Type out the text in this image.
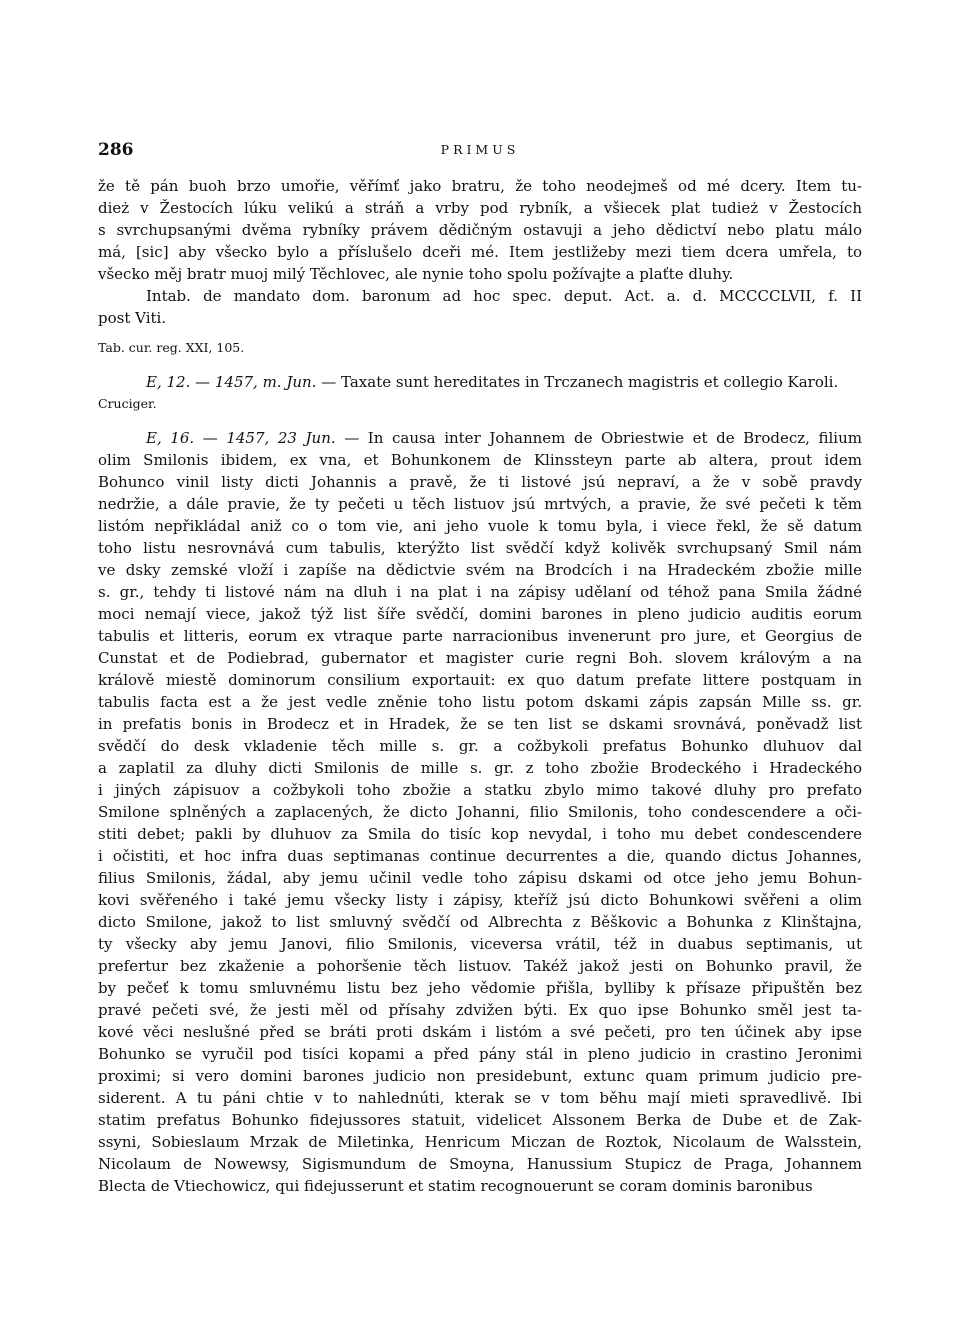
286	PRIMUS
že tě pán buoh brzo umořie, věřímť jako bratru, že toho neodejmeš od mé dcery. Item tu-
dież v Žestocích lúku velikú a stráň a vrby pod rybník, a všiecek plat tudież v Žestocích
s svrchupsanými dvěma rybníky právem dědičným ostavuji a jeho dědictví nebo platu málo
má, [sic] aby všecko bylo a příslušelo dceři mé. Item jestližeby mezi tiem dcera umřela, to
všecko měj bratr muoj milý Těchlovec, ale nynie toho spolu požívajte a plaťte dluhy.
Intab. de mandato dom. baronum ad hoc spec. deput. Act. a. d. MCCCCLVII, f. II
post Viti.
Tab. cur. reg. XXI, 105.
E, 12. — 1457, m. Jun. — Taxate sunt hereditates in Trczanech magistris et collegio Karoli.
Cruciger.
E, 16. — 1457, 23 Jun. — In causa inter Johannem de Obriestwie et de Brodecz, filium
olim Smilonis ibidem, ex vna, et Bohunkonem de Klinssteyn parte ab altera, prout idem
Bohunco vinil listy dicti Johannis a pravě, že ti listové jsú nepraví, a že v sobě pravdy
nedržie, a dále pravie, že ty pečeti u těch listuov jsú mrtvých, a pravie, že své pečeti k těm
listóm nepřikládal aniž co o tom vie, ani jeho vuole k tomu byla, i viece řekl, že sě datum
toho listu nesrovnává cum tabulis, kterýžto list svědčí když kolivěk svrchupsaný Smil nám
ve dsky zemské vloží i zapíše na dědictvie svém na Brodcích i na Hradeckém zbožie mille
s. gr., tehdy ti listové nám na dluh i na plat i na zápisy udělaní od téhož pana Smila žádné
moci nemají viece, jakož týž list šíře svědčí, domini barones in pleno judicio auditis eorum
tabulis et litteris, eorum ex vtraque parte narracionibus invenerunt pro jure, et Georgius de
Cunstat et de Podiebrad, gubernator et magister curie regni Boh. slovem královým a na
králově miestě dominorum consilium exportauit: ex quo datum prefate littere postquam in
tabulis facta est a že jest vedle zněnie toho listu potom dskami zápis zapsán Mille ss. gr.
in prefatis bonis in Brodecz et in Hradek, že se ten list se dskami srovnává, poněvadž list
svědčí do desk vkladenie těch mille s. gr. a cožbykoli prefatus Bohunko dluhuov dal
a zaplatil za dluhy dicti Smilonis de mille s. gr. z toho zbožie Brodeckého i Hradeckého
i jiných zápisuov a cožbykoli toho zbožie a statku zbylo mimo takové dluhy pro prefato
Smilone splněných a zaplacených, že dicto Johanni, filio Smilonis, toho condescendere a oči-
stiti debet; pakli by dluhuov za Smila do tisíc kop nevydal, i toho mu debet condescendere
i očistiti, et hoc infra duas septimanas continue decurrentes a die, quando dictus Johannes,
filius Smilonis, žádal, aby jemu učinil vedle toho zápisu dskami od otce jeho jemu Bohun-
kovi svěřeného i také jemu všecky listy i zápisy, kteříž jsú dicto Bohunkowi svěřeni a olim
dicto Smilone, jakož to list smluvný svědčí od Albrechta z Běškovic a Bohunka z Klinštajna,
ty všecky aby jemu Janovi, filio Smilonis, viceversa vrátil, též in duabus septimanis, ut
prefertur bez zkaženie a pohoršenie těch listuov. Takéž jakož jesti on Bohunko pravil, že
by pečeť k tomu smluvnému listu bez jeho vědomie přišla, bylliby k přísaze připuštěn bez
pravé pečeti své, že jesti měl od přísahy zdvižen býti. Ex quo ipse Bohunko směl jest ta-
kové věci neslušné před se bráti proti dskám i listóm a své pečeti, pro ten účinek aby ipse
Bohunko se vyručil pod tisíci kopami a před pány stál in pleno judicio in crastino Jeronimi
proximi; si vero domini barones judicio non presidebunt, extunc quam primum judicio pre-
siderent. A tu páni chtie v to nahlednúti, kterak se v tom běhu mají mieti spravedlivě. Ibi
statim prefatus Bohunko fidejussores statuit, videlicet Alssonem Berka de Dube et de Zak-
ssyni, Sobieslaum Mrzak de Miletinka, Henricum Miczan de Roztok, Nicolaum de Walsstein,
Nicolaum de Nowewsy, Sigismundum de Smoyna, Hanussium Stupicz de Praga, Johannem
Blecta de Vtiechowicz, qui fidejusserunt et statim recognouerunt se coram dominis baronibus
